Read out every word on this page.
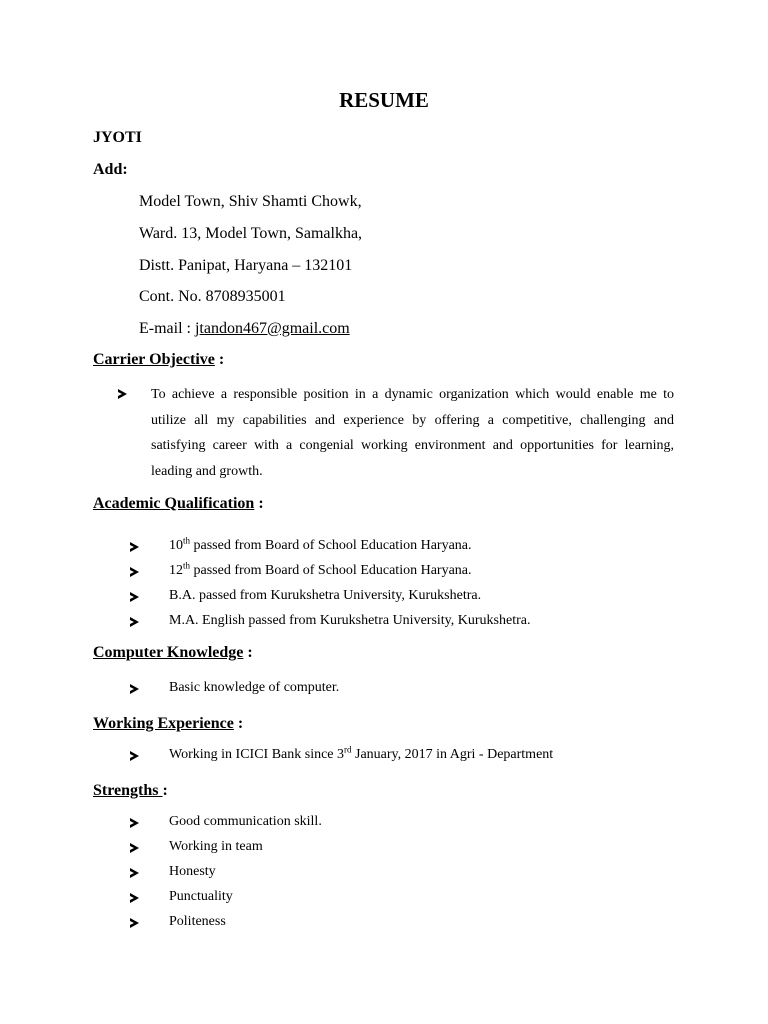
RESUME
JYOTI
Add:
Model Town, Shiv Shamti Chowk,
Ward. 13, Model Town, Samalkha,
Distt. Panipat, Haryana – 132101
Cont. No. 8708935001
E-mail : jtandon467@gmail.com
Carrier Objective :
To achieve a responsible position in a dynamic organization which would enable me to utilize all my capabilities and experience by offering a competitive, challenging and satisfying career with a congenial working environment and opportunities for learning, leading and growth.
Academic Qualification :
10th passed from Board of School Education Haryana.
12th passed from Board of School Education Haryana.
B.A. passed from Kurukshetra University, Kurukshetra.
M.A. English passed from Kurukshetra University, Kurukshetra.
Computer Knowledge :
Basic knowledge of computer.
Working Experience :
Working in ICICI Bank since 3rd January, 2017 in Agri - Department
Strengths :
Good communication skill.
Working in team
Honesty
Punctuality
Politeness
